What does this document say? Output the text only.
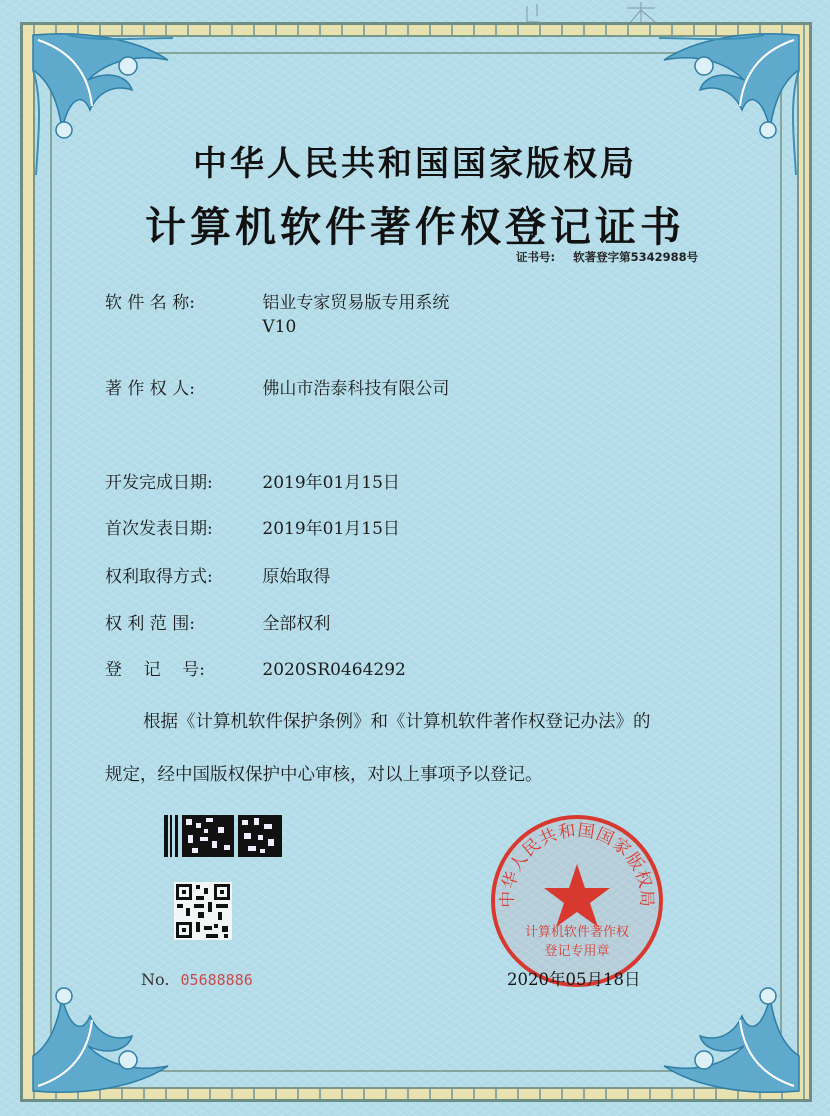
中华人民共和国国家版权局
计算机软件著作权登记证书
证书号: 软著登字第5342988号
软 件 名 称:	铝业专家贸易版专用系统
V10
著 作 权 人:	佛山市浩泰科技有限公司
开发完成日期:	2019年01月15日
首次发表日期:	2019年01月15日
权利取得方式:	原始取得
权 利 范 围:	全部权利
登    记    号:	2020SR0464292
根据《计算机软件保护条例》和《计算机软件著作权登记办法》的
规定，经中国版权保护中心审核，对以上事项予以登记。
No. 05688886
中华人民共和国国家版权局
计算机软件著作权
登记专用章
2020年05月18日
